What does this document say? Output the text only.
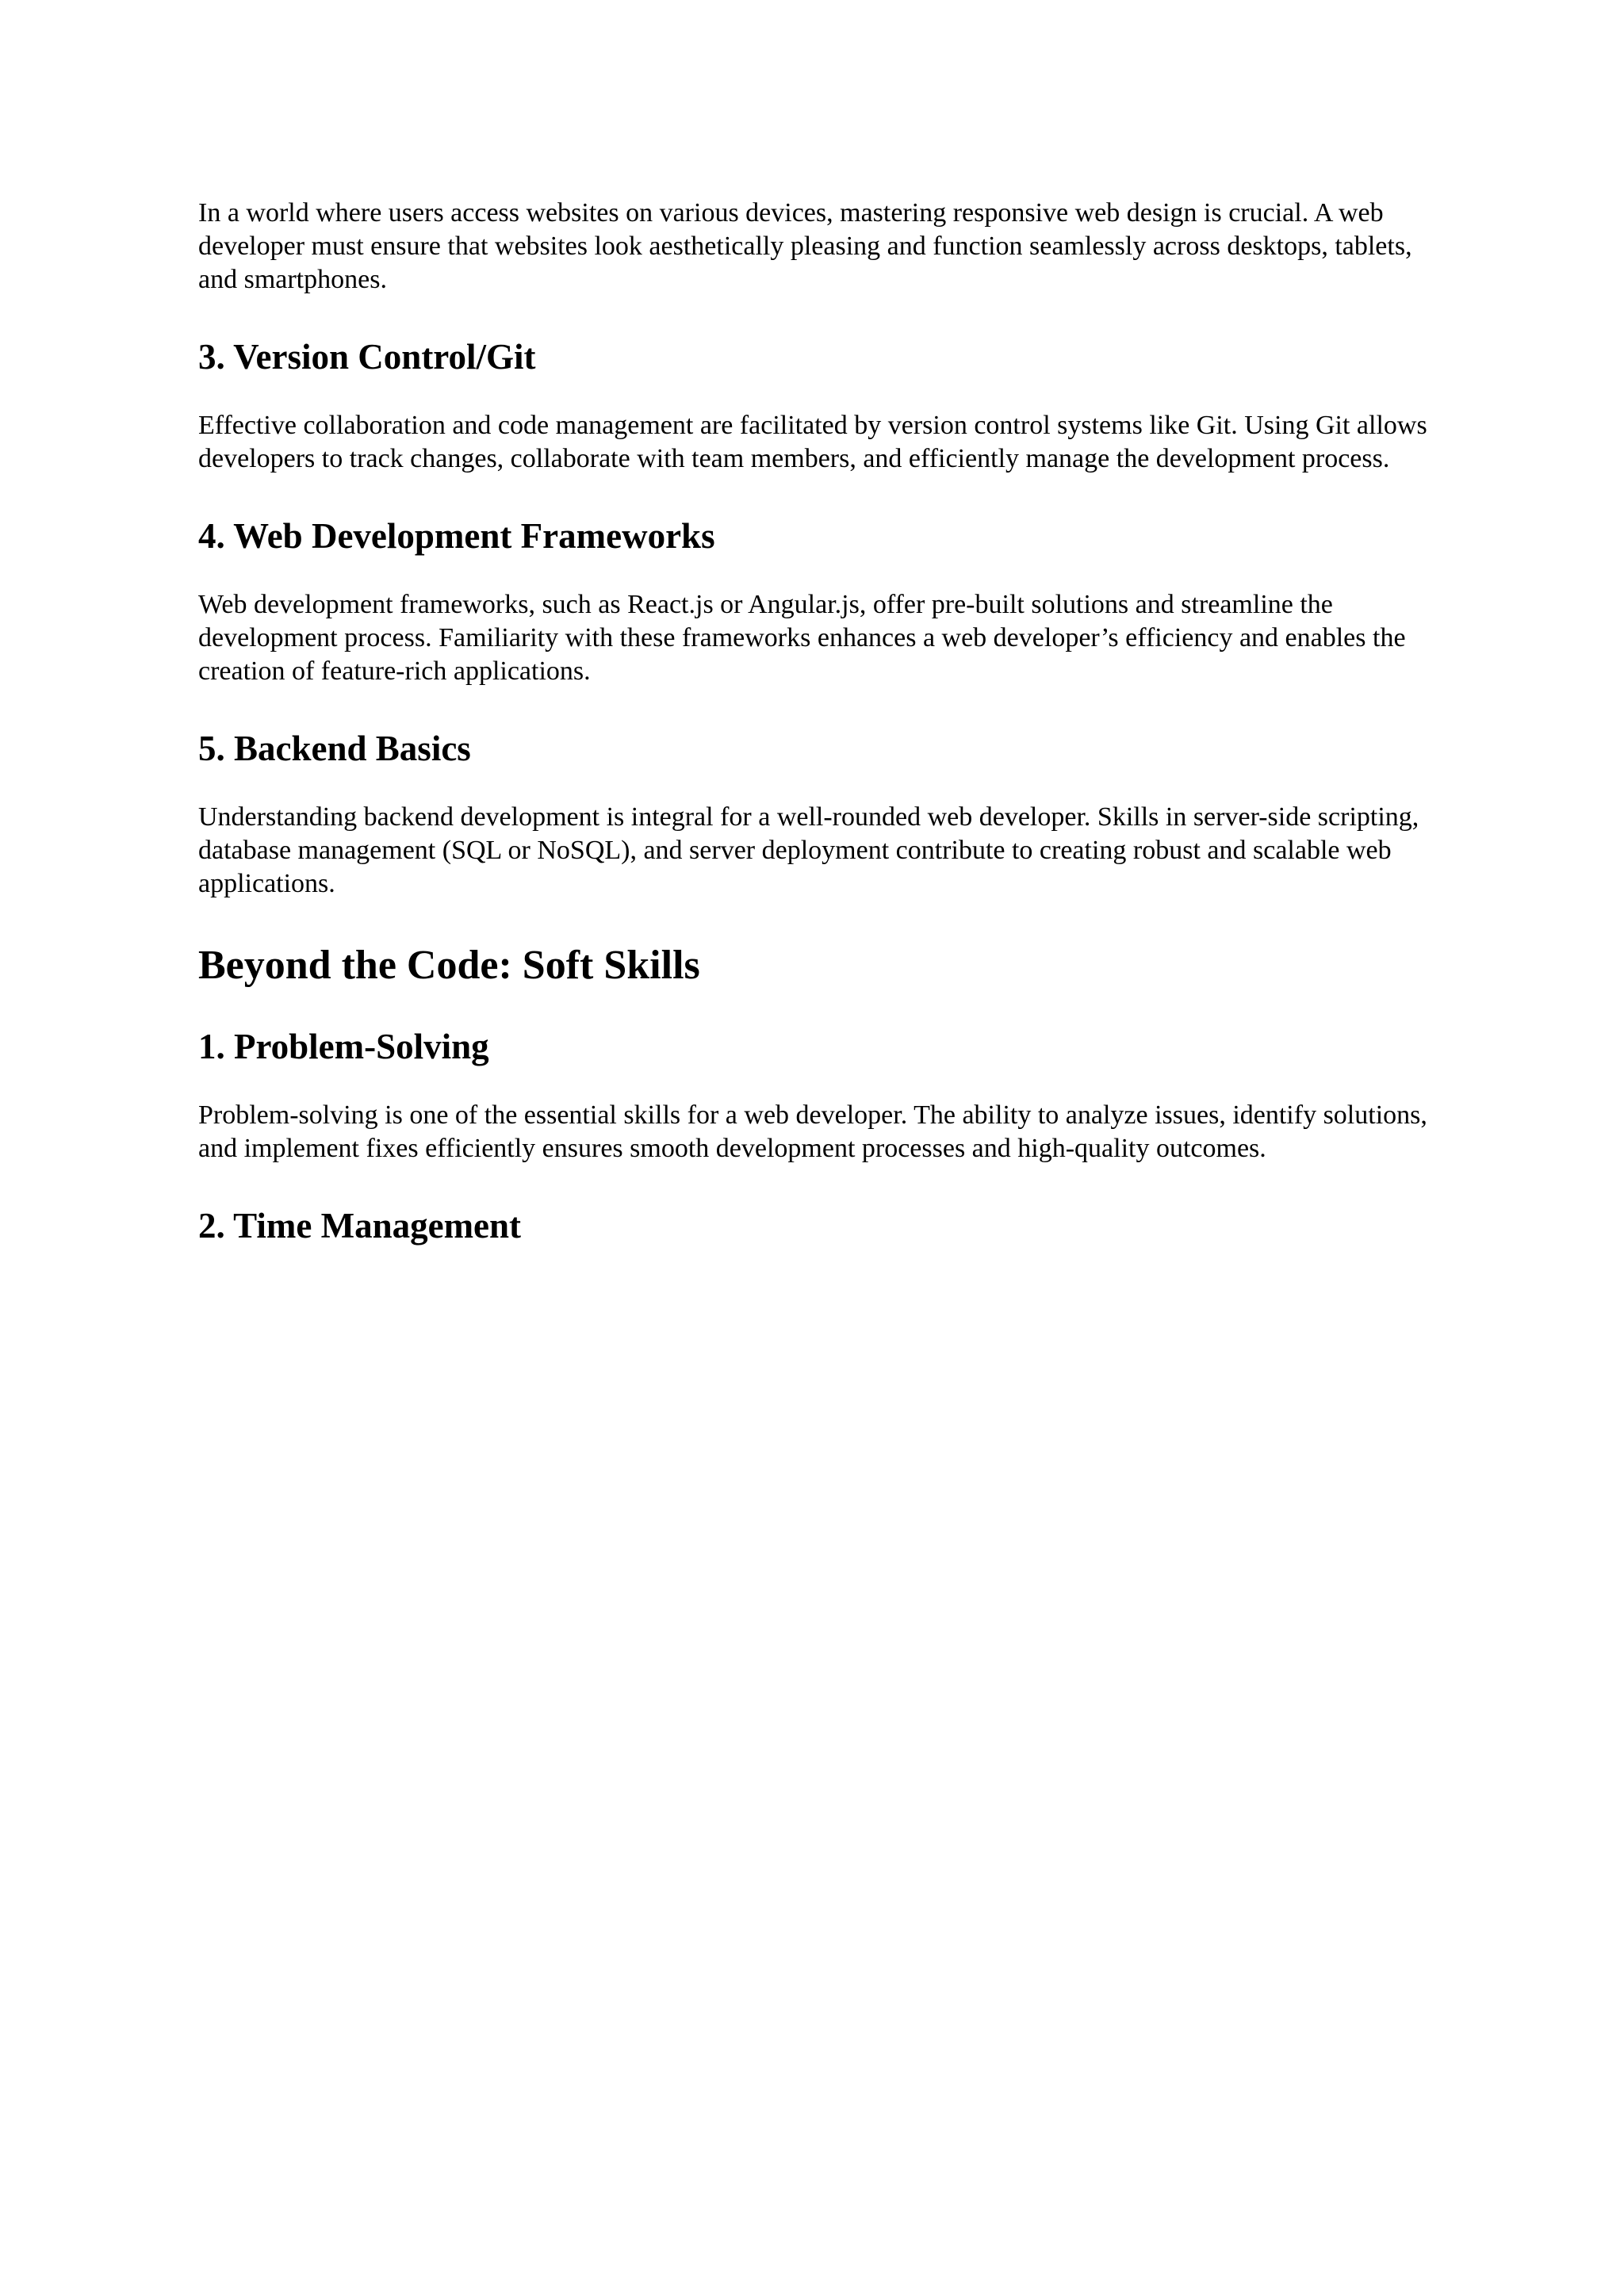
In a world where users access websites on various devices, mastering responsive web design is crucial. A web developer must ensure that websites look aesthetically pleasing and function seamlessly across desktops, tablets, and smartphones.

3. Version Control/Git

Effective collaboration and code management are facilitated by version control systems like Git. Using Git allows developers to track changes, collaborate with team members, and efficiently manage the development process.

4. Web Development Frameworks

Web development frameworks, such as React.js or Angular.js, offer pre-built solutions and streamline the development process. Familiarity with these frameworks enhances a web developer’s efficiency and enables the creation of feature-rich applications.

5. Backend Basics

Understanding backend development is integral for a well-rounded web developer. Skills in server-side scripting, database management (SQL or NoSQL), and server deployment contribute to creating robust and scalable web applications.

Beyond the Code: Soft Skills
1. Problem-Solving

Problem-solving is one of the essential skills for a web developer. The ability to analyze issues, identify solutions, and implement fixes efficiently ensures smooth development processes and high-quality outcomes.

2. Time Management
